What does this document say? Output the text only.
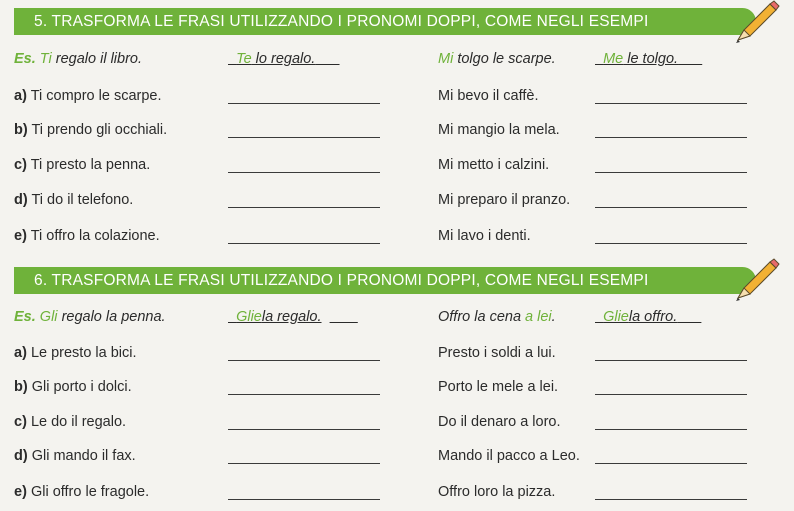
5. TRASFORMA LE FRASI UTILIZZANDO I PRONOMI DOPPI, COME NEGLI ESEMPI
Es. Ti regalo il libro.	Te lo regalo.	Mi tolgo le scarpe.	Me le tolgo.
a) Ti compro le scarpe.	Mi bevo il caffè.
b) Ti prendo gli occhiali.	Mi mangio la mela.
c) Ti presto la penna.	Mi metto i calzini.
d) Ti do il telefono.	Mi preparo il pranzo.
e) Ti offro la colazione.	Mi lavo i denti.
6. TRASFORMA LE FRASI UTILIZZANDO I PRONOMI DOPPI, COME NEGLI ESEMPI
Es. Gli regalo la penna.	Gliela regalo.	Offro la cena a lei.	Gliela offro.
a) Le presto la bici.	Presto i soldi a lui.
b) Gli porto i dolci.	Porto le mele a lei.
c) Le do il regalo.	Do il denaro a loro.
d) Gli mando il fax.	Mando il pacco a Leo.
e) Gli offro le fragole.	Offro loro la pizza.
